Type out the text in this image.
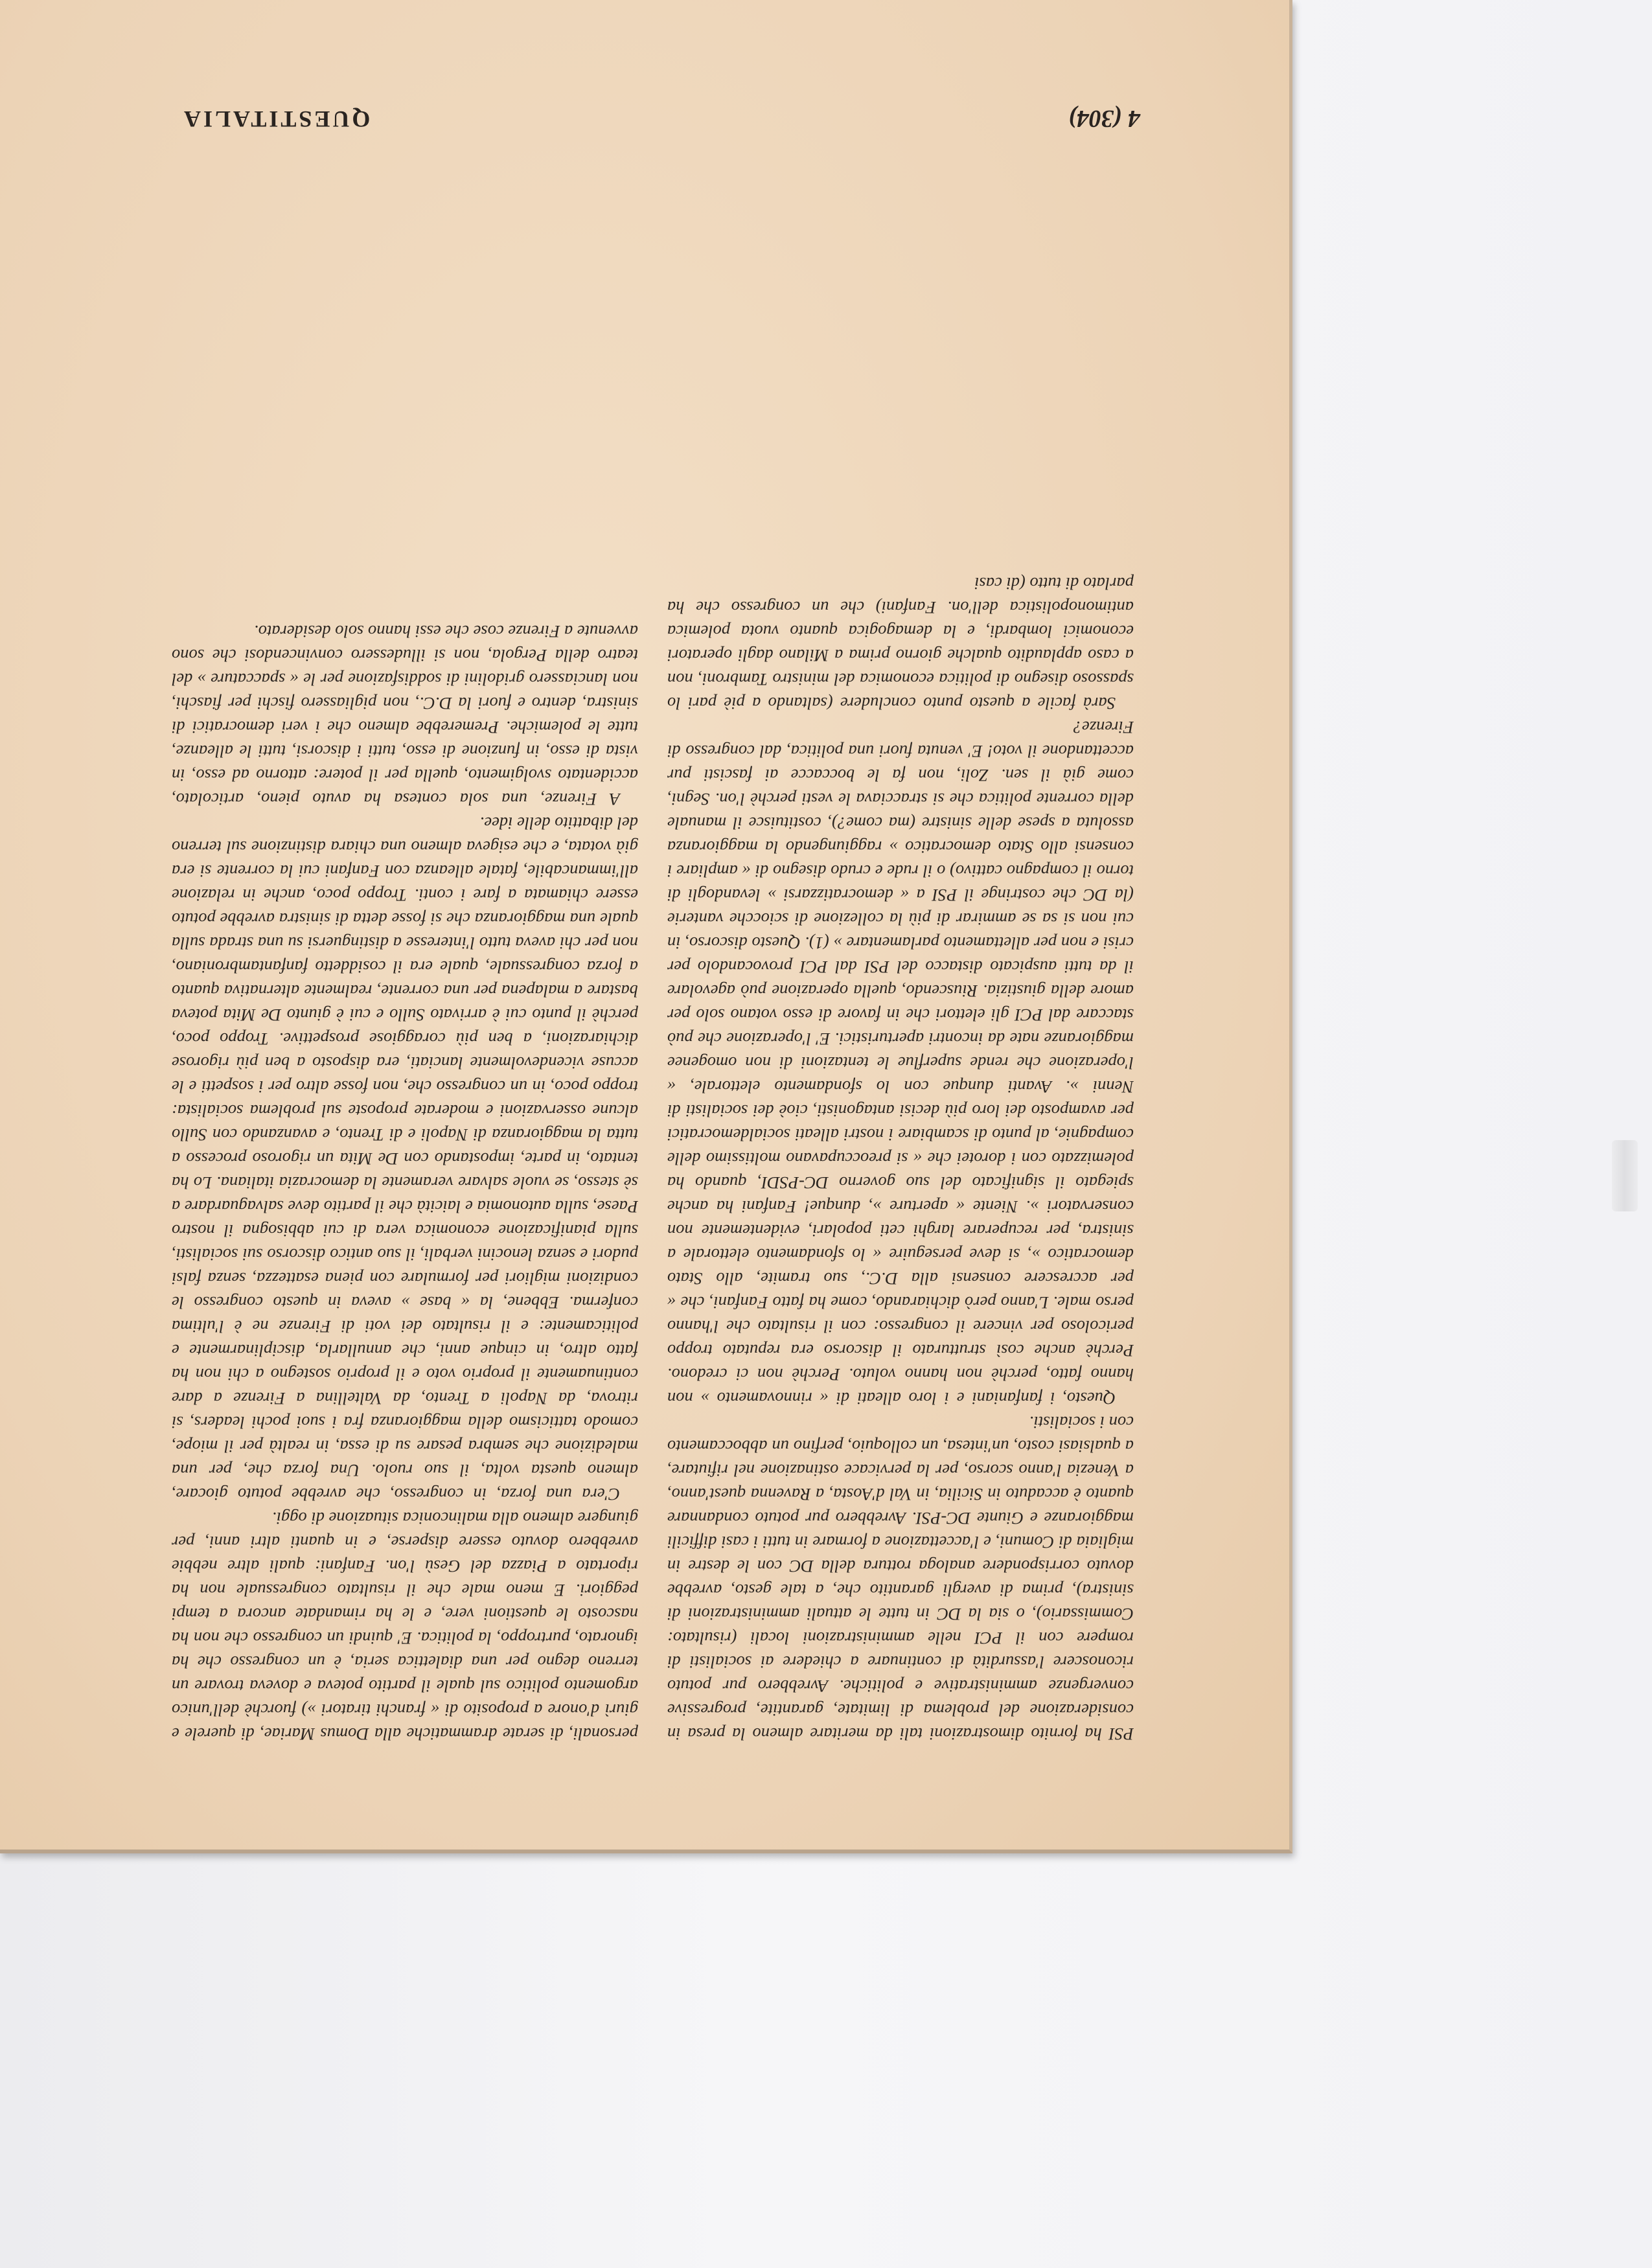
4 (304)
QUESTITALIA

PSI ha fornito dimostrazioni tali da meritare almeno la presa in considerazione del problema di limitate, garantite, progressive convergenze amministrative e politiche. Avrebbero pur potuto riconoscere l'assurdità di continuare a chiedere ai socialisti di rompere con il PCI nelle amministrazioni locali (risultato: Commissario), o sia la DC in tutte le attuali amministrazioni di sinistra), prima di avergli garantito che, a tale gesto, avrebbe dovuto corrispondere analoga rottura della DC con le destre in migliaia di Comuni, e l'accettazione a formare in tutti i casi difficili maggioranze e Giunte DC-PSI. Avrebbero pur potuto condannare quanto è accaduto in Sicilia, in Val d'Aosta, a Ravenna quest'anno, a Venezia l'anno scorso, per la pervicace ostinazione nel rifiutare, a qualsiasi costo, un'intesa, un colloquio, perfino un abboccamento con i socialisti.

Questo, i fanfaniani e i loro alleati di « rinnovamento » non hanno fatto, perchè non hanno voluto. Perchè non ci credono. Perchè anche così strutturato il discorso era reputato troppo pericoloso per vincere il congresso: con il risultato che l'hanno perso male. L'anno però dichiarando, come ha fatto Fanfani, che « per accrescere consensi alla D.C., suo tramite, allo Stato democratico », si deve perseguire « lo sfondamento elettorale a sinistra, per recuperare larghi ceti popolari, evidentemente non conservatori ». Niente « aperture », dunque! Fanfani ha anche spiegato il significato del suo governo DC-PSDI, quando ha polemizzato con i dorotei che « si preoccupavano moltissimo delle compagnie, al punto di scambiare i nostri alleati socialdemocratici per avamposto dei loro più decisi antagonisti, cioè dei socialisti di Nenni ». Avanti dunque con lo sfondamento elettorale, « l'operazione che rende superflue le tentazioni di non omogenee maggioranze nate da incontri aperturistici. E' l'operazione che può staccare dal PCI gli elettori che in favore di esso votano solo per amore della giustizia. Riuscendo, quella operazione può agevolare il da tutti auspicato distacco del PSI dal PCI provocandolo per crisi e non per allettamento parlamentare » (1). Questo discorso, in cui non si sa se ammirar di più la collezione di sciocche vanterie (la DC che costringe il PSI a « democratizzarsi » levandogli di torno il compagno cattivo) o il rude e crudo disegno di « ampliare i consensi allo Stato democratico » raggiungendo la maggioranza assoluta a spese delle sinistre (ma come?), costituisce il manuale della corrente politica che si stracciava le vesti perchè l'on. Segni, come già il sen. Zoli, non fa le boccacce ai fascisti pur accettandone il voto! E' venuta fuori una politica, dal congresso di Firenze?

Sarà facile a questo punto concludere (saltando a piè pari lo spassoso disegno di politica economica del ministro Tambroni, non a caso applaudito qualche giorno prima a Milano dagli operatori economici lombardi, e la demagogica quanto vuota polemica antimonopolistica dell'on. Fanfani) che un congresso che ha parlato di tutto (di casi

personali, di serate drammatiche alla Domus Mariae, di querele e giurì d'onore a proposito di « franchi tiratori ») fuorchè dell'unico argomento politico sul quale il partito poteva e doveva trovare un terreno degno per una dialettica seria, è un congresso che ha ignorato, purtroppo, la politica. E' quindi un congresso che non ha nascosto le questioni vere, e le ha rimandate ancora a tempi peggiori. E meno male che il risultato congressuale non ha riportato a Piazza del Gesù l'on. Fanfani: quali altre nebbie avrebbero dovuto essere disperse, e in quanti altri anni, per giungere almeno alla malinconica situazione di oggi.

C'era una forza, in congresso, che avrebbe potuto giocare, almeno questa volta, il suo ruolo. Una forza che, per una maledizione che sembra pesare su di essa, in realtà per il miope, comodo tatticismo della maggioranza fra i suoi pochi leaders, si ritrova, da Napoli a Trento, da Valtellina a Firenze a dare continuamente il proprio voto e il proprio sostegno a chi non ha fatto altro, in cinque anni, che annullarla, disciplinarmente e politicamente: e il risultato dei voti di Firenze ne è l'ultima conferma. Ebbene, la « base » aveva in questo congresso le condizioni migliori per formulare con piena esattezza, senza falsi pudori e senza lenocini verbali, il suo antico discorso sui socialisti, sulla pianificazione economica vera di cui abbisogna il nostro Paese, sulla autonomia e laicità che il partito deve salvaguardare a sè stesso, se vuole salvare veramente la democrazia italiana. Lo ha tentato, in parte, impostando con De Mita un rigoroso processo a tutta la maggioranza di Napoli e di Trento, e avanzando con Sullo alcune osservazioni e moderate proposte sul problema socialista: troppo poco, in un congresso che, non fosse altro per i sospetti e le accuse vicendevolmente lanciati, era disposto a ben più rigorose dichiarazioni, a ben più coraggiose prospettive. Troppo poco, perchè il punto cui è arrivato Sullo e cui è giunto De Mita poteva bastare a malapena per una corrente, realmente alternativa quanto a forza congressuale, quale era il cosiddetto fanfantambroniano, non per chi aveva tutto l'interesse a distinguersi su una strada sulla quale una maggioranza che si fosse detta di sinistra avrebbe potuto essere chiamata a fare i conti. Troppo poco, anche in relazione all'immancabile, fatale alleanza con Fanfani cui la corrente si era già votata, e che esigeva almeno una chiara distinzione sul terreno del dibattito delle idee.

A Firenze, una sola contesa ha avuto pieno, articolato, accidentato svolgimento, quella per il potere: attorno ad esso, in vista di esso, in funzione di esso, tutti i discorsi, tutti le alleanze, tutte le polemiche. Premerebbe almeno che i veri democratici di sinistra, dentro e fuori la D.C., non pigliassero fischi per fiaschi, non lanciassero gridolini di soddisfazione per le « spaccature » del teatro della Pergola, non si illudessero convincendosi che sono avvenute a Firenze cose che essi hanno solo desiderato.
